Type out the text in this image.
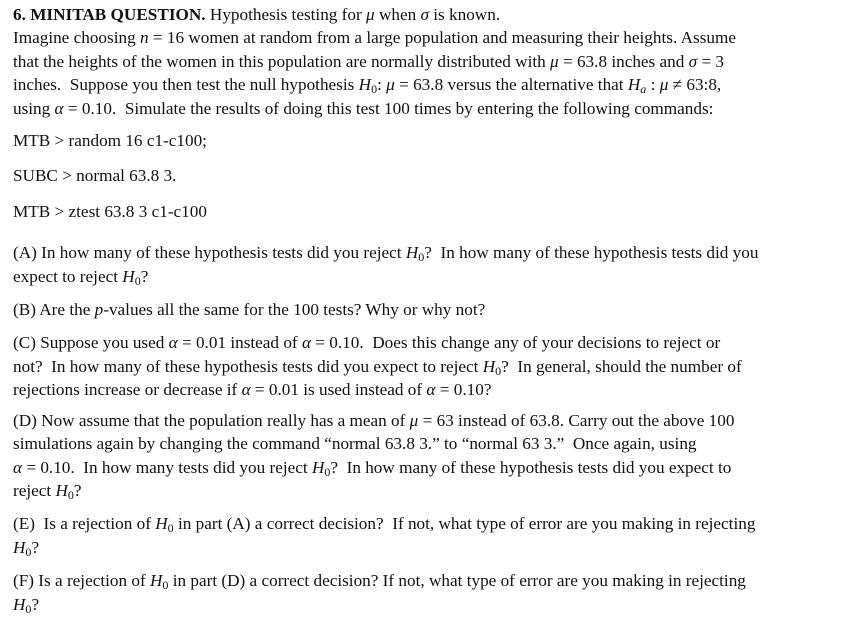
6. MINITAB QUESTION. Hypothesis testing for μ when σ is known.
Imagine choosing n = 16 women at random from a large population and measuring their heights. Assume
that the heights of the women in this population are normally distributed with μ = 63.8 inches and σ = 3
inches.  Suppose you then test the null hypothesis $H_0$: μ = 63.8 versus the alternative that $H_a$ : μ ≠ 63:8,
using α = 0.10.  Simulate the results of doing this test 100 times by entering the following commands:

MTB > random 16 c1-c100;

SUBC > normal 63.8 3.

MTB > ztest 63.8 3 c1-c100

(A) In how many of these hypothesis tests did you reject $H_0$?  In how many of these hypothesis tests did you
expect to reject $H_0$?

(B) Are the p-values all the same for the 100 tests? Why or why not?

(C) Suppose you used α = 0.01 instead of α = 0.10.  Does this change any of your decisions to reject or
not?  In how many of these hypothesis tests did you expect to reject $H_0$?  In general, should the number of
rejections increase or decrease if α = 0.01 is used instead of α = 0.10?

(D) Now assume that the population really has a mean of μ = 63 instead of 63.8. Carry out the above 100
simulations again by changing the command “normal 63.8 3.” to “normal 63 3.”  Once again, using
α = 0.10.  In how many tests did you reject $H_0$?  In how many of these hypothesis tests did you expect to
reject $H_0$?

(E)  Is a rejection of $H_0$ in part (A) a correct decision?  If not, what type of error are you making in rejecting
$H_0$?

(F) Is a rejection of $H_0$ in part (D) a correct decision? If not, what type of error are you making in rejecting
$H_0$?
